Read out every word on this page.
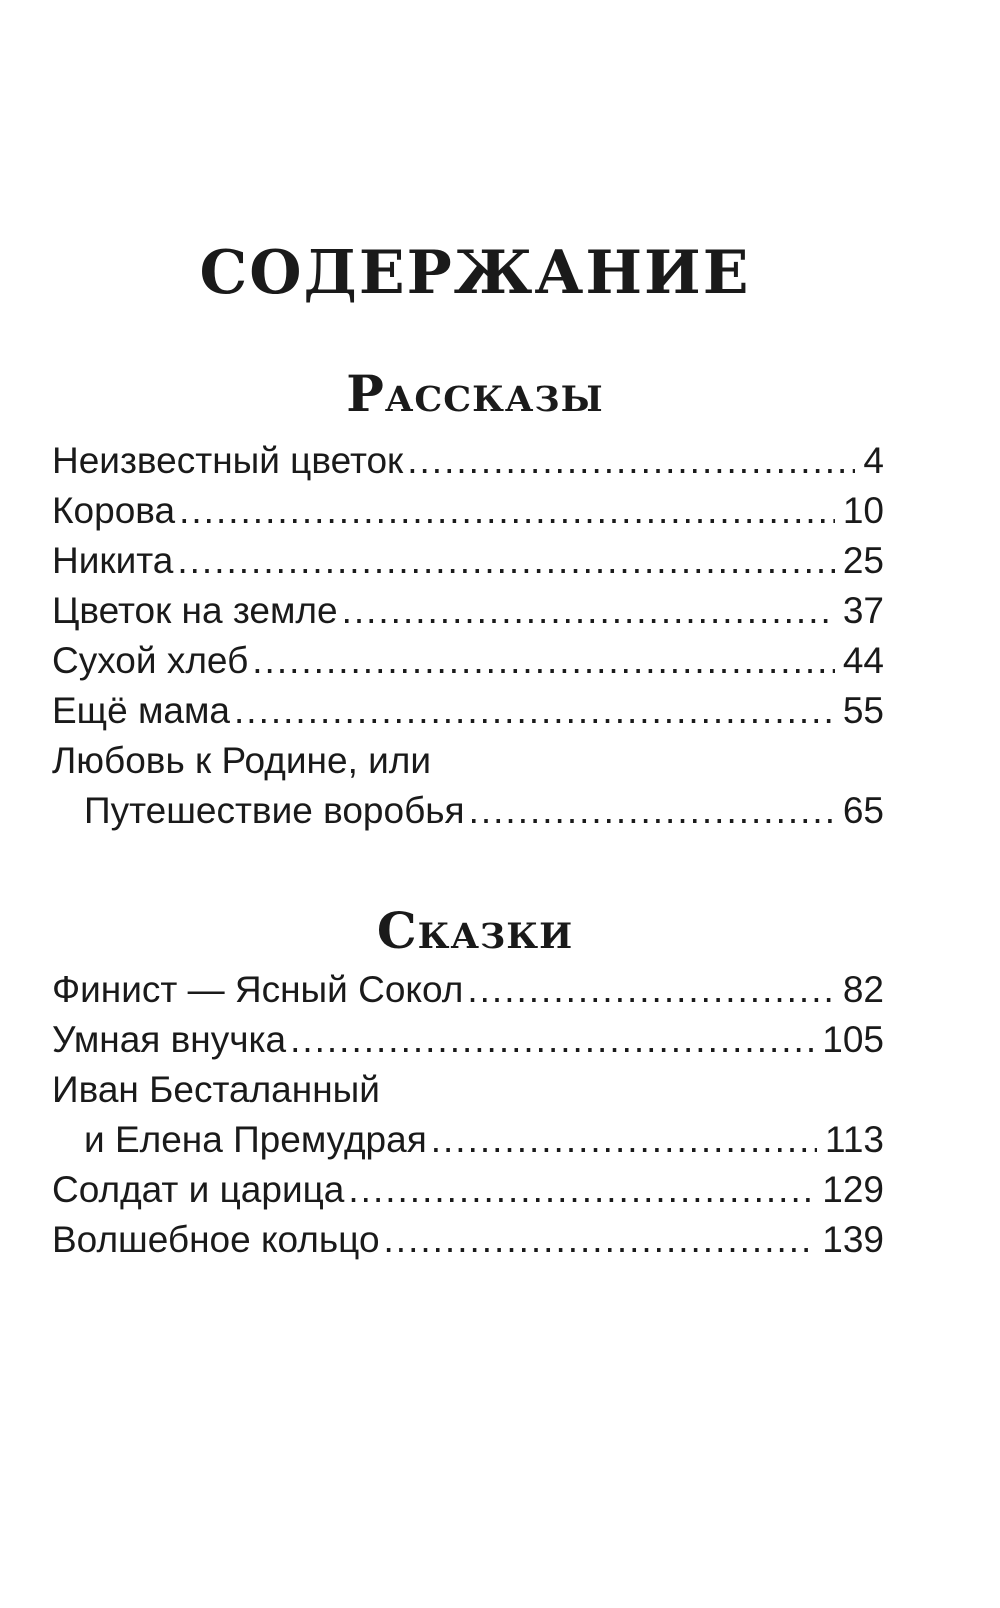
СОДЕРЖАНИЕ
Рассказы
Неизвестный цветок .....	4
Корова .....	10
Никита .....	25
Цветок на земле .....	37
Сухой хлеб .....	44
Ещё мама .....	55
Любовь к Родине, или
Путешествие воробья .....	65
Сказки
Финист — Ясный Сокол .....	82
Умная внучка .....	105
Иван Бесталанный
и Елена Премудрая .....	113
Солдат и царица .....	129
Волшебное кольцо .....	139
